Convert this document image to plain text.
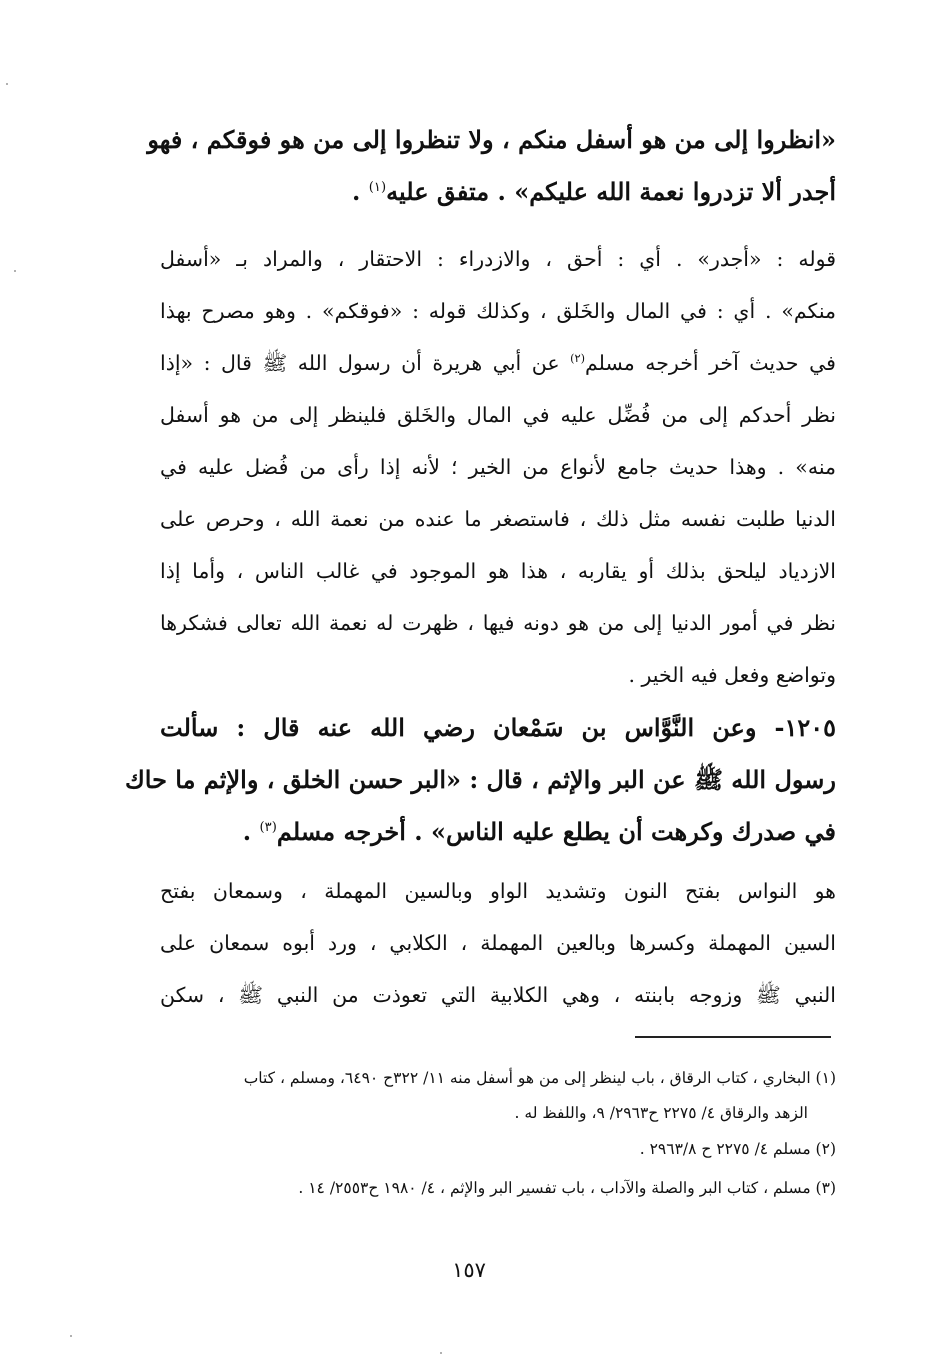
«انظروا إلى من هو أسفل منكم ، ولا تنظروا إلى من هو فوقكم ، فهو
أجدر ألا تزدروا نعمة الله عليكم» . متفق عليه$^{(١)}$ .
قوله : «أجدر» . أي : أحق ، والازدراء : الاحتقار ، والمراد بـ «أسفل
منكم» . أي : في المال والخَلق ، وكذلك قوله : «فوقكم» . وهو مصرح بهذا
في حديث آخر أخرجه مسلم$^{(٢)}$ عن أبي هريرة أن رسول الله ﷺ قال : «إذا
نظر أحدكم إلى من فُضِّل عليه في المال والخَلق فلينظر إلى من هو أسفل
منه» . وهذا حديث جامع لأنواع من الخير ؛ لأنه إذا رأى من فُضل عليه في
الدنيا طلبت نفسه مثل ذلك ، فاستصغر ما عنده من نعمة الله ، وحرص على
الازدياد ليلحق بذلك أو يقاربه ، هذا هو الموجود في غالب الناس ، وأما إذا
نظر في أمور الدنيا إلى من هو دونه فيها ، ظهرت له نعمة الله تعالى فشكرها
وتواضع وفعل فيه الخير .
١٢٠٥- وعن النَّوَّاس بن سَمْعان رضي الله عنه قال : سألت
رسول الله ﷺ عن البر والإثم ، قال : «البر حسن الخلق ، والإثم ما حاك
في صدرك وكرهت أن يطلع عليه الناس» . أخرجه مسلم$^{(٣)}$ .
هو النواس بفتح النون وتشديد الواو وبالسين المهملة ، وسمعان بفتح
السين المهملة وكسرها وبالعين المهملة ، الكلابي ، ورد أبوه سمعان على
النبي ﷺ وزوجه بابنته ، وهي الكلابية التي تعوذت من النبي ﷺ ، سكن
(١) البخاري ، كتاب الرقاق ، باب لينظر إلى من هو أسفل منه ١١/ ٣٢٢ح ٦٤٩٠، ومسلم ، كتاب
الزهد والرقاق ٤/ ٢٢٧٥ ح٢٩٦٣/ ٩، واللفظ له .
(٢) مسلم ٤/ ٢٢٧٥ ح ٢٩٦٣/٨ .
(٣) مسلم ، كتاب البر والصلة والآداب ، باب تفسير البر والإثم ، ٤/ ١٩٨٠ ح٢٥٥٣/ ١٤ .
١٥٧
